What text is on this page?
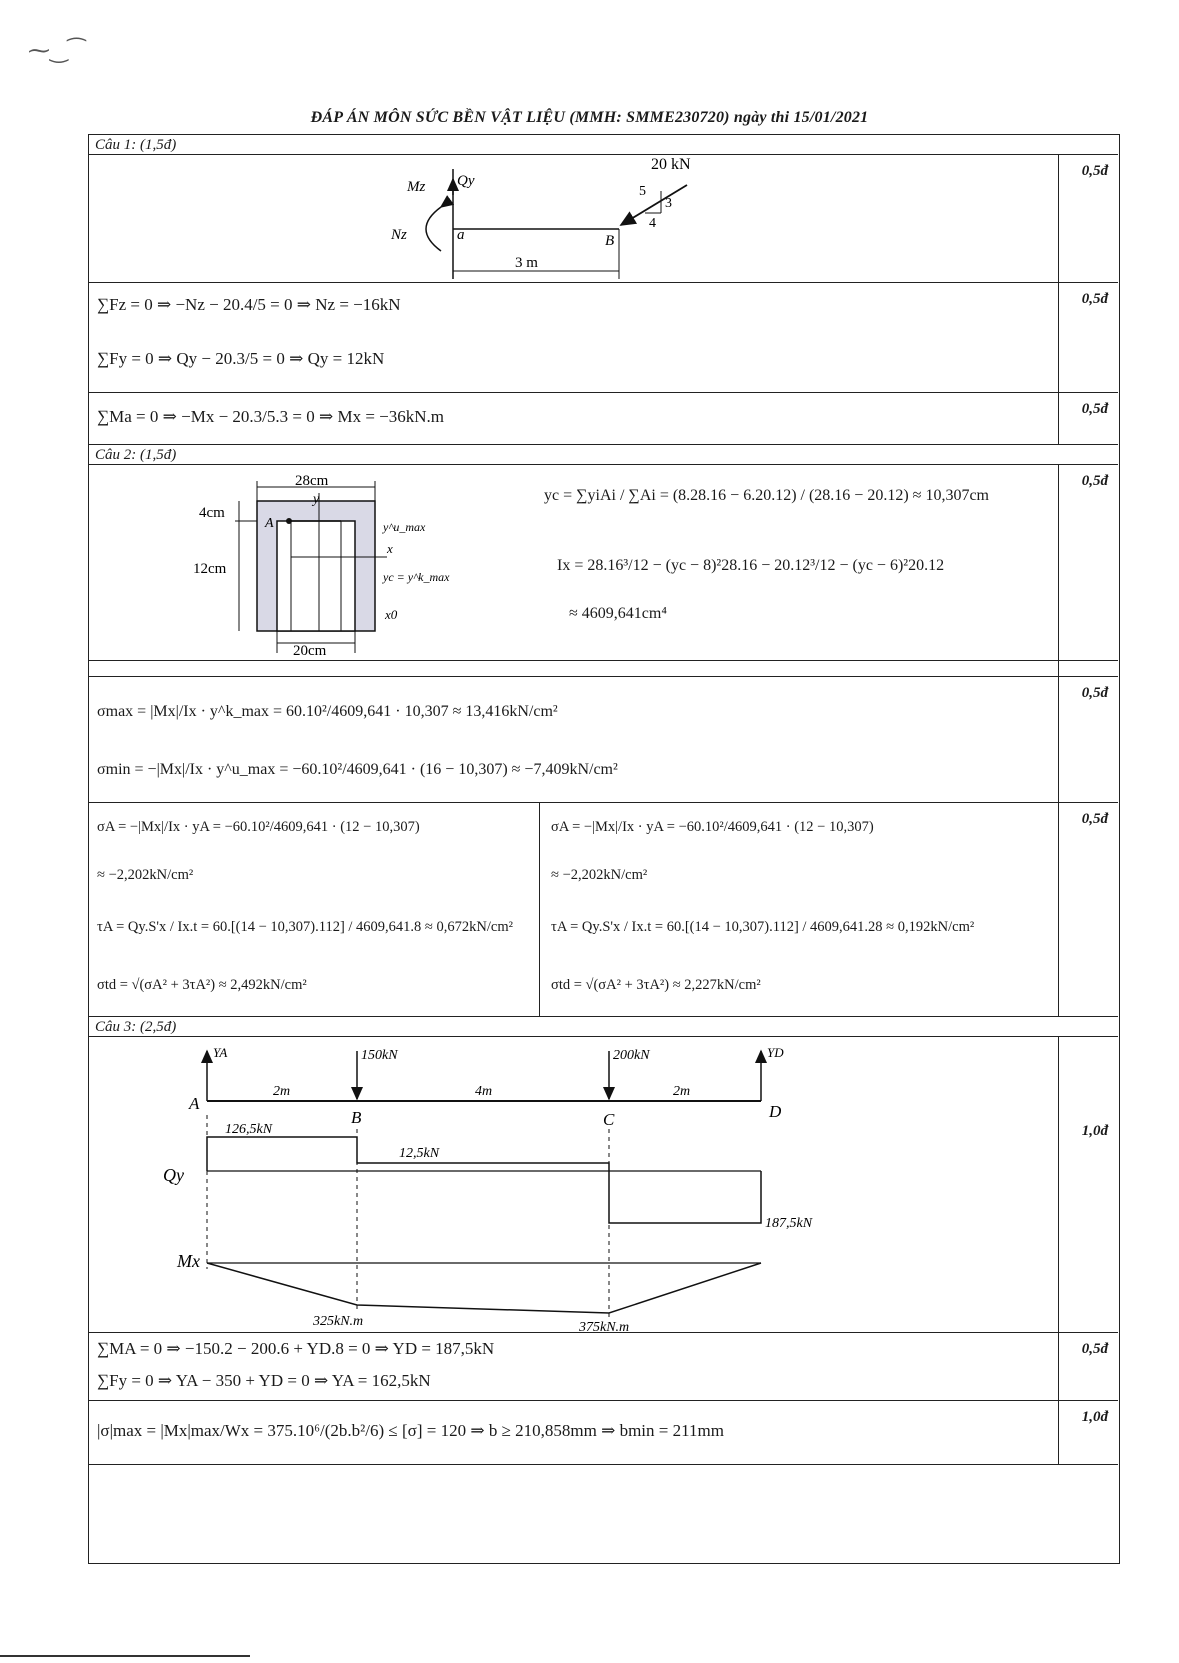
⁓‿⁀
ĐÁP ÁN MÔN SỨC BỀN VẬT LIỆU (MMH: SMME230720) ngày thi 15/01/2021
Câu 1: (1,5đ)
20 kN
5
3
4
Mz Qy
Nz	a	B
3 m
0,5đ
∑Fz = 0 ⇒ −Nz − 20.4/5 = 0 ⇒ Nz = −16kN
∑Fy = 0 ⇒ Qy − 20.3/5 = 0 ⇒ Qy = 12kN
0,5đ
∑Ma = 0 ⇒ −Mx − 20.3/5.3 = 0 ⇒ Mx = −36kN.m	0,5đ
Câu 2: (1,5đ)
28cm
y
4cm
12cm
A	y^u_max
x
yc = y^k_max
20cm
x0
yc = ∑yiAi / ∑Ai = (8.28.16 − 6.20.12) / (28.16 − 20.12) ≈ 10,307cm
Ix = 28.16³/12 − (yc − 8)²28.16 − 20.12³/12 − (yc − 6)²20.12
≈ 4609,641cm⁴
0,5đ
σmax = |Mx|/Ix · y^k_max = 60.10²/4609,641 · 10,307 ≈ 13,416kN/cm²
σmin = −|Mx|/Ix · y^u_max = −60.10²/4609,641 · (16 − 10,307) ≈ −7,409kN/cm²
0,5đ
σA = −|Mx|/Ix · yA = −60.10²/4609,641 · (12 − 10,307)
≈ −2,202kN/cm²
τA = Qy.S'x / Ix.t = 60.[(14 − 10,307).112] / 4609,641.8 ≈ 0,672kN/cm²
σtd = √(σA² + 3τA²) ≈ 2,492kN/cm²
σA = −|Mx|/Ix · yA = −60.10²/4609,641 · (12 − 10,307)
≈ −2,202kN/cm²
τA = Qy.S'x / Ix.t = 60.[(14 − 10,307).112] / 4609,641.28 ≈ 0,192kN/cm²
σtd = √(σA² + 3τA²) ≈ 2,227kN/cm²
0,5đ
Câu 3: (2,5đ)
YA	YD
150kN	200kN
A
B	C	D
2m	4m	2m
Qy
126,5kN
12,5kN
187,5kN
Mx
325kN.m	375kN.m
1,0đ
∑MA = 0 ⇒ −150.2 − 200.6 + YD.8 = 0 ⇒ YD = 187,5kN
∑Fy = 0 ⇒ YA − 350 + YD = 0 ⇒ YA = 162,5kN
0,5đ
|σ|max = |Mx|max/Wx = 375.10⁶/(2b.b²/6) ≤ [σ] = 120 ⇒ b ≥ 210,858mm ⇒ bmin = 211mm
1,0đ
